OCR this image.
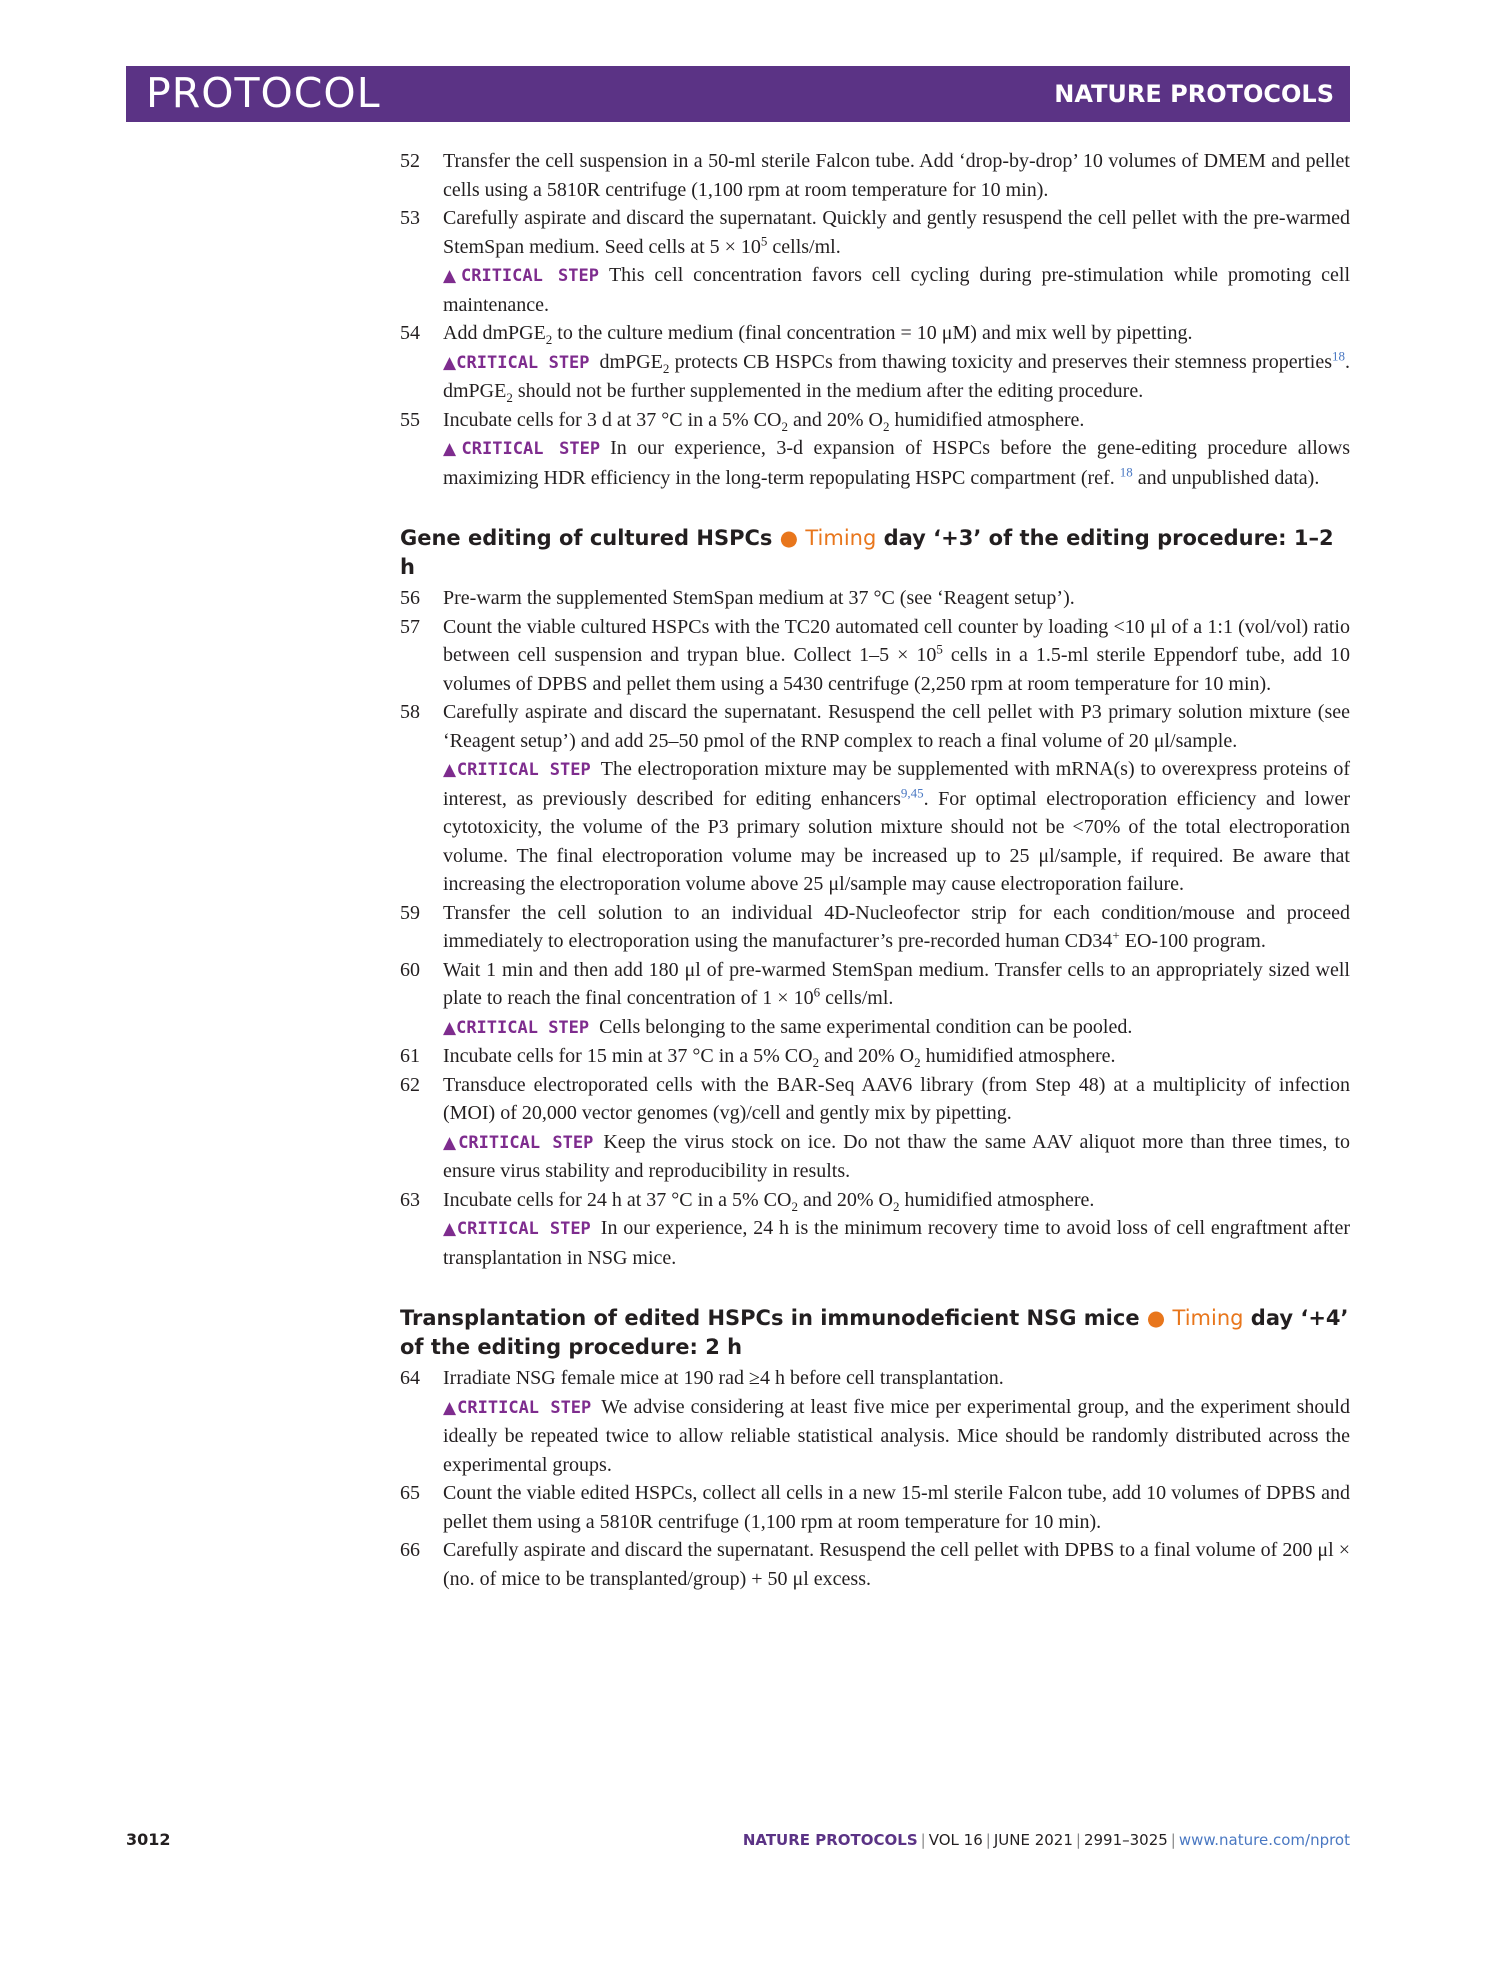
PROTOCOL	NATURE PROTOCOLS
52	Transfer the cell suspension in a 50-ml sterile Falcon tube. Add ‘drop-by-drop’ 10 volumes of DMEM and pellet cells using a 5810R centrifuge (1,100 rpm at room temperature for 10 min).

53	Carefully aspirate and discard the supernatant. Quickly and gently resuspend the cell pellet with the pre-warmed StemSpan medium. Seed cells at $5 \times 10^5$ cells/ml.

▲CRITICAL STEP This cell concentration favors cell cycling during pre-stimulation while promoting cell maintenance.

54	Add dmPGE$_2$ to the culture medium (final concentration = 10 μM) and mix well by pipetting.

▲CRITICAL STEP dmPGE$_2$ protects CB HSPCs from thawing toxicity and preserves their stemness properties$^{18}$. dmPGE$_2$ should not be further supplemented in the medium after the editing procedure.

55	Incubate cells for 3 d at 37 °C in a 5% $CO_2$ and 20% $O_2$ humidified atmosphere.

▲CRITICAL STEP In our experience, 3-d expansion of HSPCs before the gene-editing procedure allows maximizing HDR efficiency in the long-term repopulating HSPC compartment (ref. $^{18}$ and unpublished data).

Gene editing of cultured HSPCs ● Timing day ‘+3’ of the editing procedure: 1–2 h
56	Pre-warm the supplemented StemSpan medium at 37 °C (see ‘Reagent setup’).

57	Count the viable cultured HSPCs with the TC20 automated cell counter by loading <10 μl of a 1:1 (vol/vol) ratio between cell suspension and trypan blue. Collect $1-5 \times 10^5$ cells in a 1.5-ml sterile Eppendorf tube, add 10 volumes of DPBS and pellet them using a 5430 centrifuge (2,250 rpm at room temperature for 10 min).

58	Carefully aspirate and discard the supernatant. Resuspend the cell pellet with P3 primary solution mixture (see ‘Reagent setup’) and add 25–50 pmol of the RNP complex to reach a final volume of 20 μl/sample.

▲CRITICAL STEP The electroporation mixture may be supplemented with mRNA(s) to overexpress proteins of interest, as previously described for editing enhancers$^{9,45}$. For optimal electroporation efficiency and lower cytotoxicity, the volume of the P3 primary solution mixture should not be <70% of the total electroporation volume. The final electroporation volume may be increased up to 25 μl/sample, if required. Be aware that increasing the electroporation volume above 25 μl/sample may cause electroporation failure.

59	Transfer the cell solution to an individual 4D-Nucleofector strip for each condition/mouse and proceed immediately to electroporation using the manufacturer’s pre-recorded human CD34+ EO-100 program.

60	Wait 1 min and then add 180 μl of pre-warmed StemSpan medium. Transfer cells to an appropriately sized well plate to reach the final concentration of $1 \times 10^6$ cells/ml.

▲CRITICAL STEP Cells belonging to the same experimental condition can be pooled.

61	Incubate cells for 15 min at 37 °C in a 5% $CO_2$ and 20% $O_2$ humidified atmosphere.

62	Transduce electroporated cells with the BAR-Seq AAV6 library (from Step 48) at a multiplicity of infection (MOI) of 20,000 vector genomes (vg)/cell and gently mix by pipetting.

▲CRITICAL STEP Keep the virus stock on ice. Do not thaw the same AAV aliquot more than three times, to ensure virus stability and reproducibility in results.

63	Incubate cells for 24 h at 37 °C in a 5% $CO_2$ and 20% $O_2$ humidified atmosphere.

▲CRITICAL STEP In our experience, 24 h is the minimum recovery time to avoid loss of cell engraftment after transplantation in NSG mice.

Transplantation of edited HSPCs in immunodeficient NSG mice ● Timing day ‘+4’ of the editing procedure: 2 h
64	Irradiate NSG female mice at 190 rad ≥4 h before cell transplantation.

▲CRITICAL STEP We advise considering at least five mice per experimental group, and the experiment should ideally be repeated twice to allow reliable statistical analysis. Mice should be randomly distributed across the experimental groups.

65	Count the viable edited HSPCs, collect all cells in a new 15-ml sterile Falcon tube, add 10 volumes of DPBS and pellet them using a 5810R centrifuge (1,100 rpm at room temperature for 10 min).

66	Carefully aspirate and discard the supernatant. Resuspend the cell pellet with DPBS to a final volume of 200 μl × (no. of mice to be transplanted/group) + 50 μl excess.

3012	NATURE PROTOCOLS | VOL 16 | JUNE 2021 | 2991–3025 | www.nature.com/nprot
